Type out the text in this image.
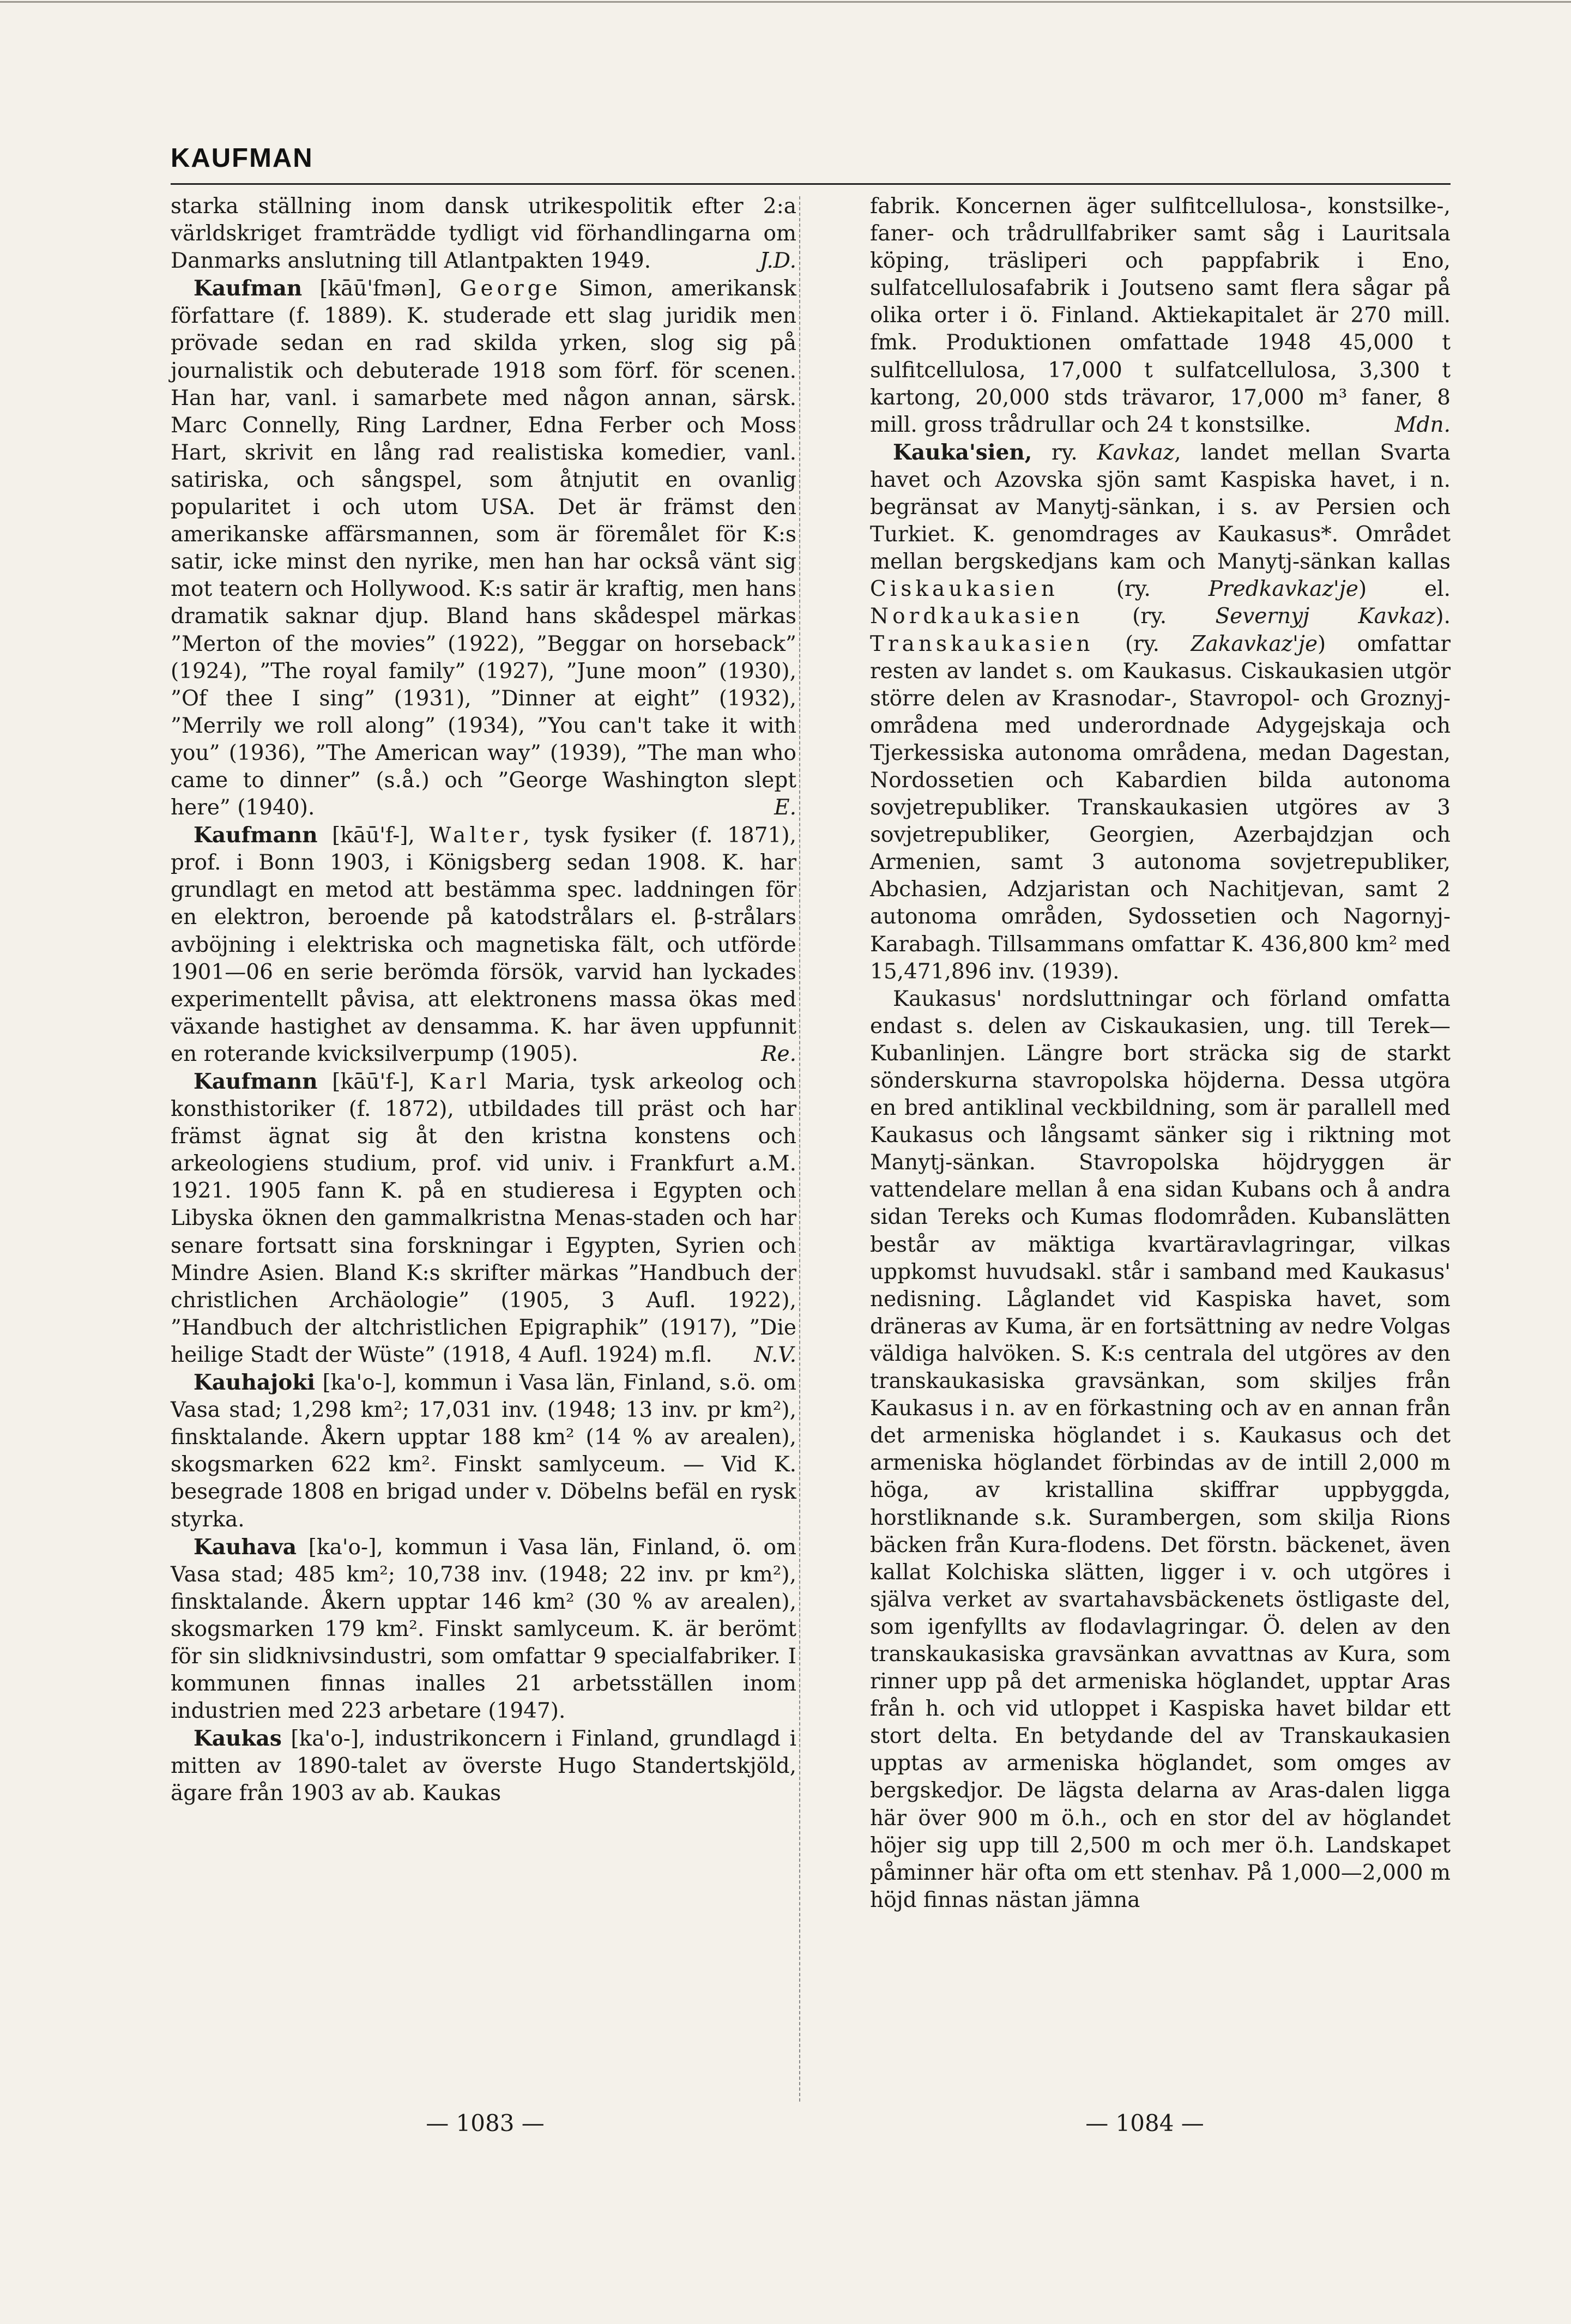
KAUFMAN

starka ställning inom dansk utrikespolitik efter 2:a världskriget framträdde tydligt vid förhandlingarna om Danmarks anslutning till Atlantpakten 1949.	J.D.

Kaufman [kāū'fmən], George Simon, amerikansk författare (f. 1889). K. studerade ett slag juridik men prövade sedan en rad skilda yrken, slog sig på journalistik och debuterade 1918 som förf. för scenen. Han har, vanl. i samarbete med någon annan, särsk. Marc Connelly, Ring Lardner, Edna Ferber och Moss Hart, skrivit en lång rad realistiska komedier, vanl. satiriska, och sångspel, som åtnjutit en ovanlig popularitet i och utom USA. Det är främst den amerikanske affärsmannen, som är föremålet för K:s satir, icke minst den nyrike, men han har också vänt sig mot teatern och Hollywood. K:s satir är kraftig, men hans dramatik saknar djup. Bland hans skådespel märkas ”Merton of the movies” (1922), ”Beggar on horseback” (1924), ”The royal family” (1927), ”June moon” (1930), ”Of thee I sing” (1931), ”Dinner at eight” (1932), ”Merrily we roll along” (1934), ”You can't take it with you” (1936), ”The American way” (1939), ”The man who came to dinner” (s.å.) och ”George Washington slept here” (1940).	E.

Kaufmann [kāū'f-], Walter, tysk fysiker (f. 1871), prof. i Bonn 1903, i Königsberg sedan 1908. K. har grundlagt en metod att bestämma spec. laddningen för en elektron, beroende på katodstrålars el. β-strålars avböjning i elektriska och magnetiska fält, och utförde 1901—06 en serie berömda försök, varvid han lyckades experimentellt påvisa, att elektronens massa ökas med växande hastighet av densamma. K. har även uppfunnit en roterande kvicksilverpump (1905).	Re.

Kaufmann [kāū'f-], Karl Maria, tysk arkeolog och konsthistoriker (f. 1872), utbildades till präst och har främst ägnat sig åt den kristna konstens och arkeologiens studium, prof. vid univ. i Frankfurt a.M. 1921. 1905 fann K. på en studieresa i Egypten och Libyska öknen den gammalkristna Menas-staden och har senare fortsatt sina forskningar i Egypten, Syrien och Mindre Asien. Bland K:s skrifter märkas ”Handbuch der christlichen Archäologie” (1905, 3 Aufl. 1922), ”Handbuch der altchristlichen Epigraphik” (1917), ”Die heilige Stadt der Wüste” (1918, 4 Aufl. 1924) m.fl.	N.V.

Kauhajoki [ka'o-], kommun i Vasa län, Finland, s.ö. om Vasa stad; 1,298 km²; 17,031 inv. (1948; 13 inv. pr km²), finsktalande. Åkern upptar 188 km² (14 % av arealen), skogsmarken 622 km². Finskt samlyceum. — Vid K. besegrade 1808 en brigad under v. Döbelns befäl en rysk styrka.

Kauhava [ka'o-], kommun i Vasa län, Finland, ö. om Vasa stad; 485 km²; 10,738 inv. (1948; 22 inv. pr km²), finsktalande. Åkern upptar 146 km² (30 % av arealen), skogsmarken 179 km². Finskt samlyceum. K. är berömt för sin slidknivsindustri, som omfattar 9 specialfabriker. I kommunen finnas inalles 21 arbetsställen inom industrien med 223 arbetare (1947).

Kaukas [ka'o-], industrikoncern i Finland, grundlagd i mitten av 1890-talet av överste Hugo Standertskjöld, ägare från 1903 av ab. Kaukas

fabrik. Koncernen äger sulfitcellulosa-, konstsilke-, faner- och trådrullfabriker samt såg i Lauritsala köping, träsliperi och pappfabrik i Eno, sulfatcellulosafabrik i Joutseno samt flera sågar på olika orter i ö. Finland. Aktiekapitalet är 270 mill. fmk. Produktionen omfattade 1948 45,000 t sulfitcellulosa, 17,000 t sulfatcellulosa, 3,300 t kartong, 20,000 stds trävaror, 17,000 m³ faner, 8 mill. gross trådrullar och 24 t konstsilke.	Mdn.

Kauka'sien, ry. Kavkaz, landet mellan Svarta havet och Azovska sjön samt Kaspiska havet, i n. begränsat av Manytj-sänkan, i s. av Persien och Turkiet. K. genomdrages av Kaukasus*. Området mellan bergskedjans kam och Manytj-sänkan kallas Ciskaukasien (ry. Predkavkaz'je) el. Nordkaukasien (ry. Severnyj Kavkaz). Transkaukasien (ry. Zakavkaz'je) omfattar resten av landet s. om Kaukasus. Ciskaukasien utgör större delen av Krasnodar-, Stavropol- och Groznyj-områdena med underordnade Adygejskaja och Tjerkessiska autonoma områdena, medan Dagestan, Nordossetien och Kabardien bilda autonoma sovjetrepubliker. Transkaukasien utgöres av 3 sovjetrepubliker, Georgien, Azerbajdzjan och Armenien, samt 3 autonoma sovjetrepubliker, Abchasien, Adzjaristan och Nachitjevan, samt 2 autonoma områden, Sydossetien och Nagornyj-Karabagh. Tillsammans omfattar K. 436,800 km² med 15,471,896 inv. (1939).

Kaukasus' nordsluttningar och förland omfatta endast s. delen av Ciskaukasien, ung. till Terek—Kubanlinjen. Längre bort sträcka sig de starkt sönderskurna stavropolska höjderna. Dessa utgöra en bred antiklinal veckbildning, som är parallell med Kaukasus och långsamt sänker sig i riktning mot Manytj-sänkan. Stavropolska höjdryggen är vattendelare mellan å ena sidan Kubans och å andra sidan Tereks och Kumas flodområden. Kubanslätten består av mäktiga kvartäravlagringar, vilkas uppkomst huvudsakl. står i samband med Kaukasus' nedisning. Låglandet vid Kaspiska havet, som dräneras av Kuma, är en fortsättning av nedre Volgas väldiga halvöken. S. K:s centrala del utgöres av den transkaukasiska gravsänkan, som skiljes från Kaukasus i n. av en förkastning och av en annan från det armeniska höglandet i s. Kaukasus och det armeniska höglandet förbindas av de intill 2,000 m höga, av kristallina skiffrar uppbyggda, horstliknande s.k. Surambergen, som skilja Rions bäcken från Kura-flodens. Det förstn. bäckenet, även kallat Kolchiska slätten, ligger i v. och utgöres i själva verket av svartahavsbäckenets östligaste del, som igenfyllts av flodavlagringar. Ö. delen av den transkaukasiska gravsänkan avvattnas av Kura, som rinner upp på det armeniska höglandet, upptar Aras från h. och vid utloppet i Kaspiska havet bildar ett stort delta. En betydande del av Transkaukasien upptas av armeniska höglandet, som omges av bergskedjor. De lägsta delarna av Aras-dalen ligga här över 900 m ö.h., och en stor del av höglandet höjer sig upp till 2,500 m och mer ö.h. Landskapet påminner här ofta om ett stenhav. På 1,000—2,000 m höjd finnas nästan jämna

— 1083 —	— 1084 —
